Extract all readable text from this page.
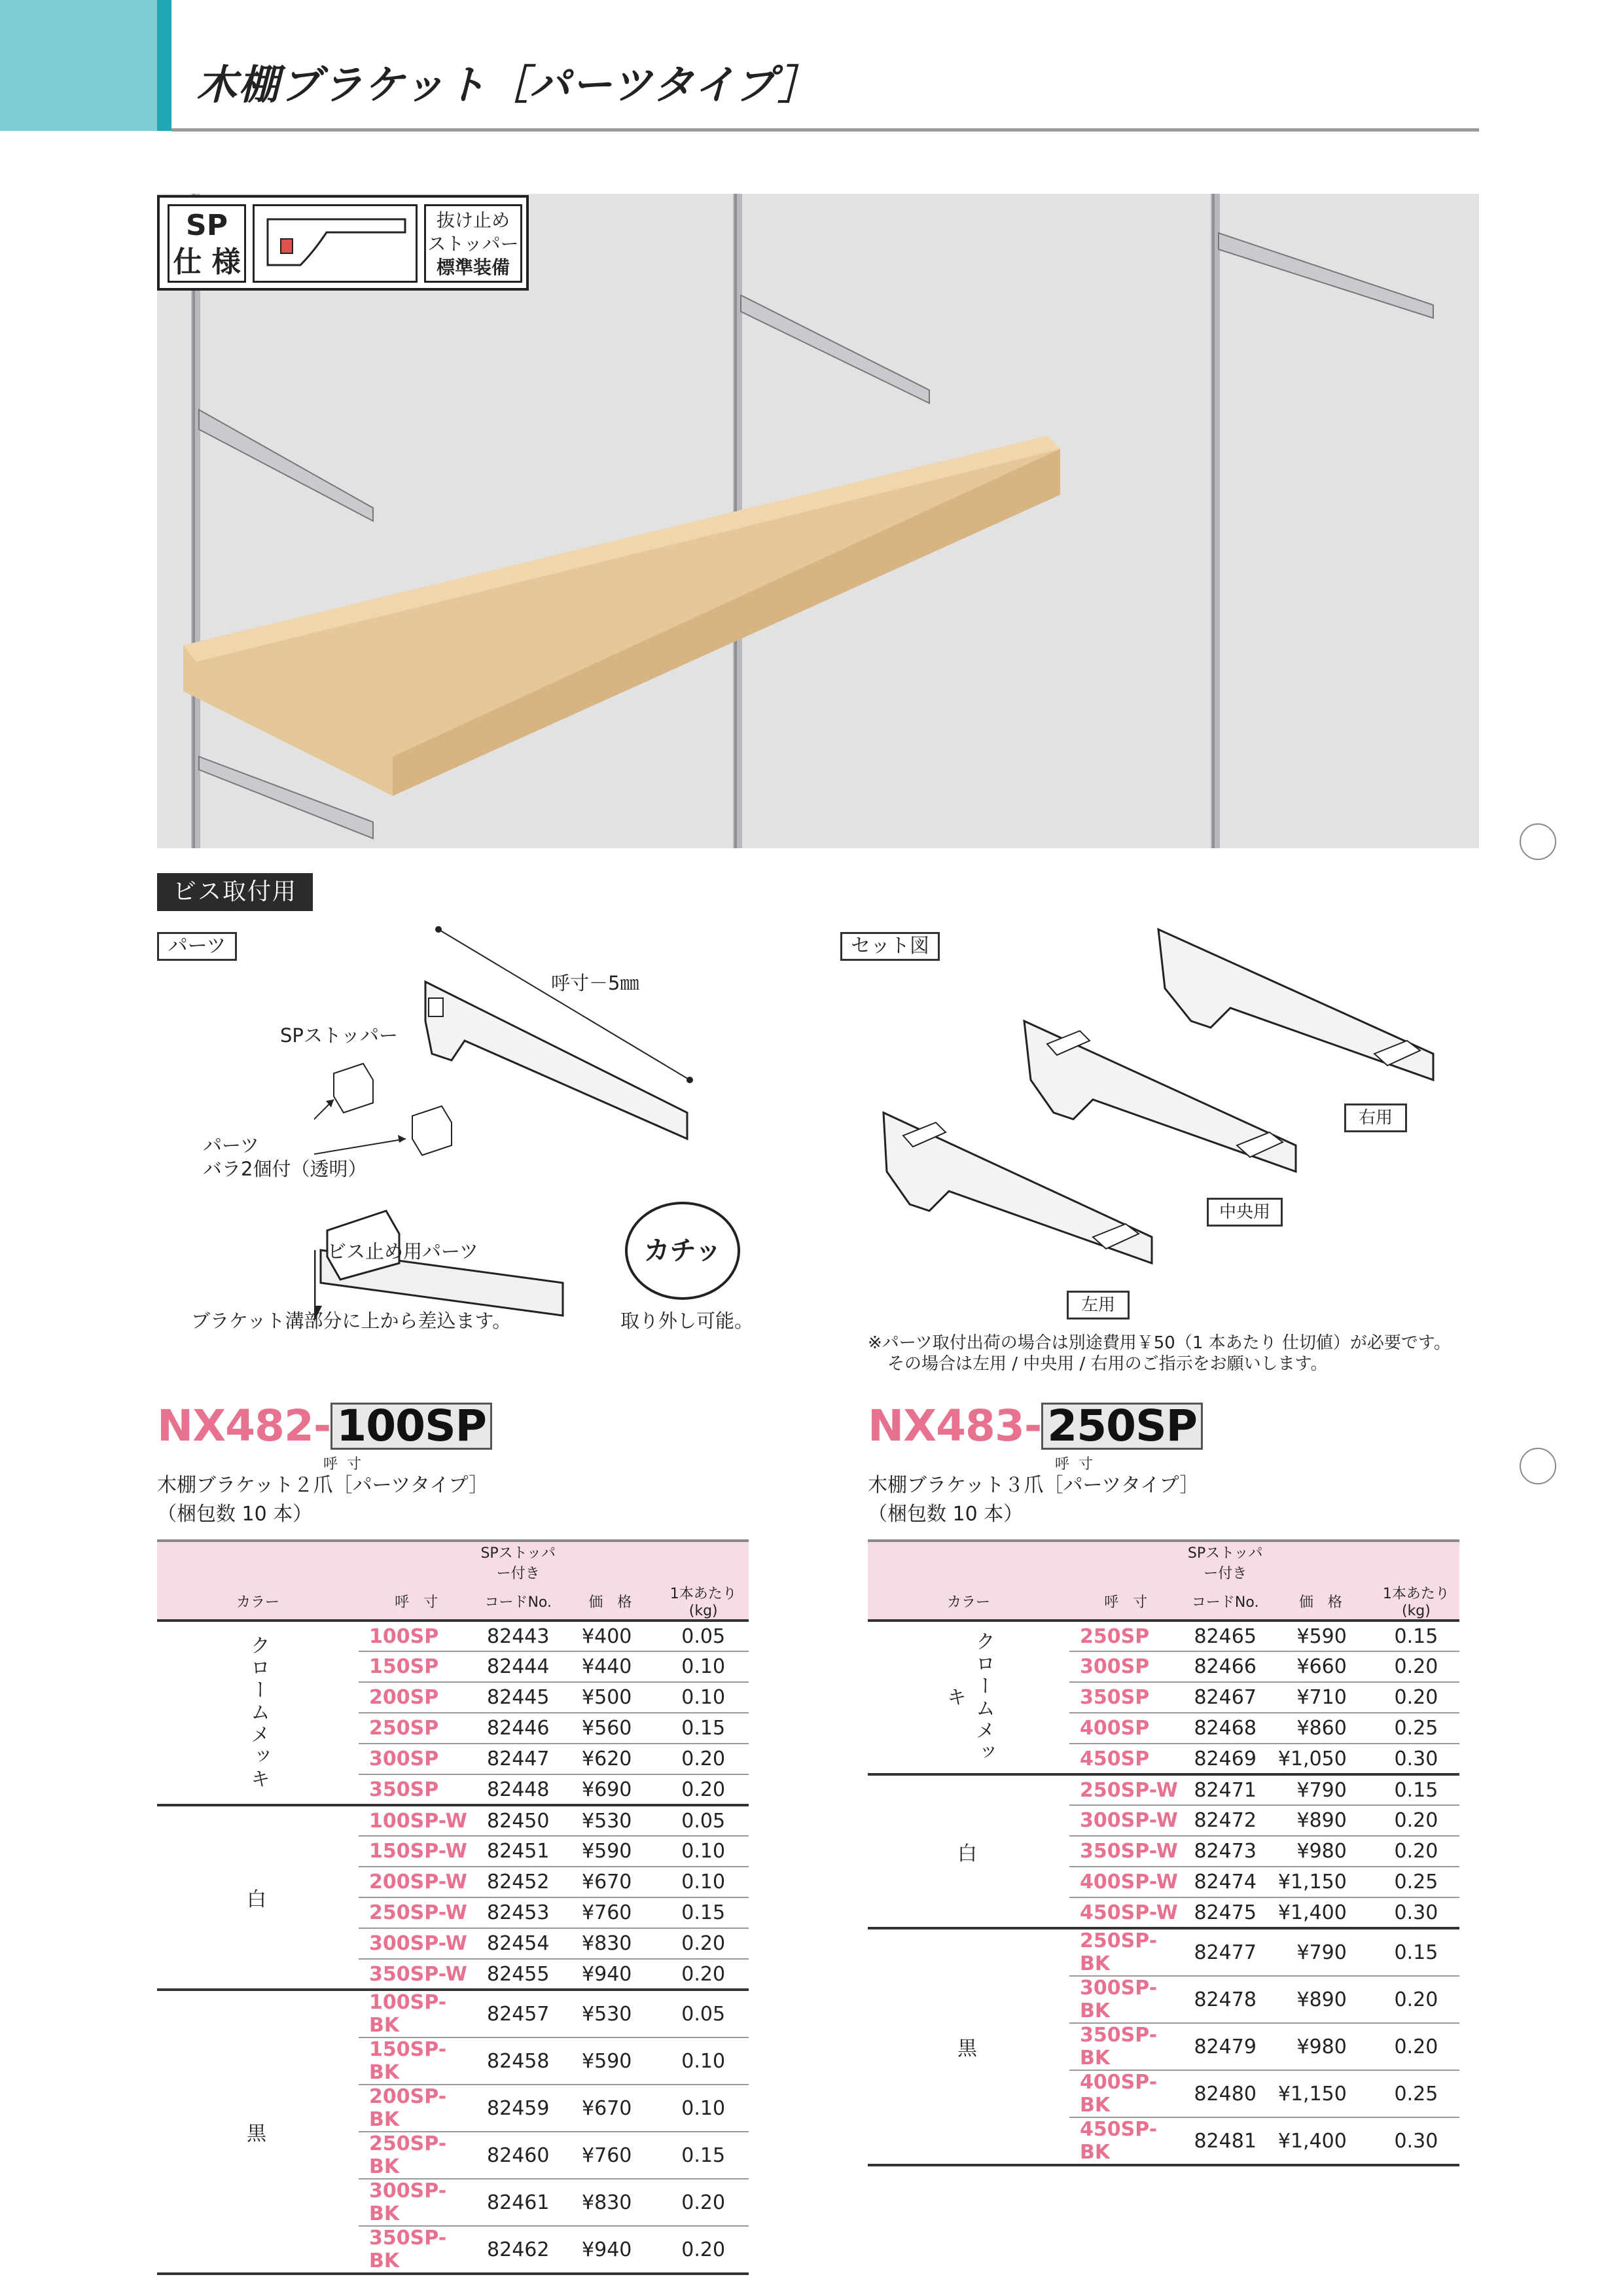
木棚ブラケット［パーツタイプ］
SP
仕 様
抜け止め
ストッパー
標準装備
ビス取付用
パーツ
SPストッパー
呼寸－5㎜
パーツ
バラ2個付（透明）
ビス止め用パーツ	カチッ
ブラケット溝部分に上から差込ます。	取り外し可能。
セット図
右用
中央用
左用
※パーツ取付出荷の場合は別途費用￥50（1 本あたり 仕切値）が必要です。
その場合は左用 / 中央用 / 右用のご指示をお願いします。
NX482- 100SP
呼寸
木棚ブラケット２爪［パーツタイプ］
（梱包数 10 本）
		SPストッパー付き		
カラー	呼　寸	コードNo.	価　格	1本あたり(kg)
クロームメッキ	100SP	82443	¥400	0.05
	150SP	82444	¥440	0.10
	200SP	82445	¥500	0.10
	250SP	82446	¥560	0.15
	300SP	82447	¥620	0.20
	350SP	82448	¥690	0.20
白	100SP-W	82450	¥530	0.05
	150SP-W	82451	¥590	0.10
	200SP-W	82452	¥670	0.10
	250SP-W	82453	¥760	0.15
	300SP-W	82454	¥830	0.20
	350SP-W	82455	¥940	0.20
黒	100SP-BK	82457	¥530	0.05
	150SP-BK	82458	¥590	0.10
	200SP-BK	82459	¥670	0.10
	250SP-BK	82460	¥760	0.15
	300SP-BK	82461	¥830	0.20
	350SP-BK	82462	¥940	0.20
NX483- 250SP
呼寸
木棚ブラケット３爪［パーツタイプ］
（梱包数 10 本）
		SPストッパー付き		
カラー	呼　寸	コードNo.	価　格	1本あたり(kg)
クロームメッキ	250SP	82465	¥590	0.15
	300SP	82466	¥660	0.20
	350SP	82467	¥710	0.20
	400SP	82468	¥860	0.25
	450SP	82469	¥1,050	0.30
白	250SP-W	82471	¥790	0.15
	300SP-W	82472	¥890	0.20
	350SP-W	82473	¥980	0.20
	400SP-W	82474	¥1,150	0.25
	450SP-W	82475	¥1,400	0.30
黒	250SP-BK	82477	¥790	0.15
	300SP-BK	82478	¥890	0.20
	350SP-BK	82479	¥980	0.20
	400SP-BK	82480	¥1,150	0.25
	450SP-BK	82481	¥1,400	0.30
